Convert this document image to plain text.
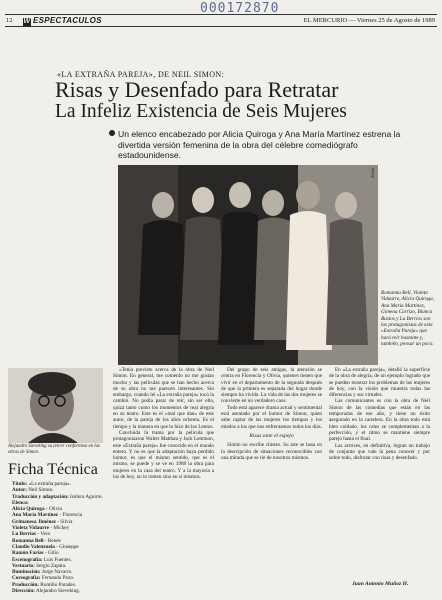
000172870
12 W ESPECTACULOS	EL MERCURIO — Viernes 25 de Agosto de 1989
«LA EXTRAÑA PAREJA», DE NEIL SIMON:
Risas y Desenfado para Retratar
La Infeliz Existencia de Seis Mujeres
Un elenco encabezado por Alicia Quiroga y Ana María Martínez estrena la divertida versión femenina de la obra del célebre comediógrafo estadounidense.
Zeller
Romanna Bell, Violeta Vidaurre, Alicia Quiroga, Ana María Martínez, Gimena Carrizo, Blanca Bustos y Lu Berríos son las protagonistas de esta «Extraña Pareja» que hará reír bastante y, también, pensar un poco.
Alejandro Sieveking su tercer conformiso en las obras de Simon.
Ficha Técnica
Título: «La extraña pareja».
Autor: Neil Simon.
Traducción y adaptación: Isidora Aguirre.
Elenco:
Alicia Quiroga - Olivia
Ana María Martínez - Florencia
Grimanesa Jiménez - Silvia
Violeta Vidaurre - Mickey
Lu Berríos - Vera
Romanna Bell - Renée
Claudio Valenzuela - Giuseppe
Ramón Farías - Gilio
Escenografía: Luis Fuentes.
Vestuario: Sergio Zapata.
Iluminación: Jorge Navarro.
Coreografía: Fernando Pozo.
Producción: Romilio Parades.
Dirección: Alejandro Sieveking.

«Tenía previsto acerca de la obra de Neil Simon. En general, me comento no me gustan mucho y las películas que se han hecho acerca de su obra no me parecen interesantes. Sin embargo, cuando leí «La extraña pareja» tocó la cambió. No podía parar de reír, sin ser ella, quizá tanto como los momentos de real alegría en su teatro. Este es el «mal que dan» de este autor, de la pareja de los años ochenta. Es el tiempo y la manera en que lo hizo de los Lentos.

Concluida la trama por la película que protagonizaron Walter Matthau y Jack Lemmon, este «Extraña pareja» fue conocido en el mundo entero. Y no es que la adaptación haya perdido humor, es que el mismo sentido, que es el mismo, se puede y se ve en 1988 la obra para mujeres en la casa del teatro. Y a la mayoría a los de hoy, no lo tomen sino en sí mismos.

Del grupo de seis amigas, la atención se centra en Florencia y Olivia, quienes tienen que vivir en el departamento de la segunda después de que la primera es separada del hogar donde siempre ha vivido. La vida de las dos mujeres se convierte en un verdadero caos.

Todo está aparece drama actual y sentimental está asentado por el humor de Simon, quien sabe captar de las mujeres los tiempos y los miedos a los que nos enfrentamos todos los días.

Risas ante el espejo

Simón no escribe chistes. Su arte se basa en la descripción de situaciones reconocibles con una mirada que se ríe de nosotros mismos.

En «La extraña pareja», detalló la superficie de la obra de alegría, de un ejemplo logrado que se pueden mostrar los problemas de las mujeres de hoy, con la visión que muestra todas las diferencias y sus virtudes.

Las comunicantes es con la obra de Neil Simon de las comedias que están en las temporadas de ese año, y tiene un éxito asegurado en la cartelera. En la obra todo está bien cuidado, los roles se complementan a la perfección, y el ritmo se mantiene siempre parejo hasta el final.

Las actrices, en definitiva, logran un trabajo de conjunto que vale la pena conocer y por sobre todo, disfrutar con risas y desenfado.

Juan Antonio Muñoz H.
